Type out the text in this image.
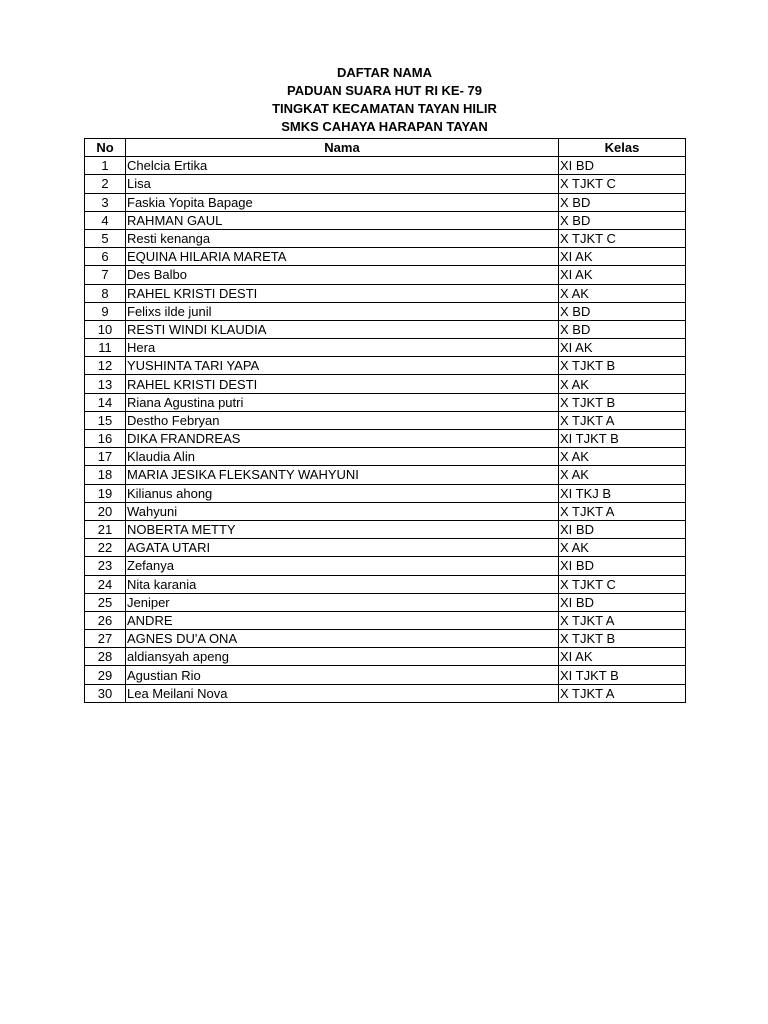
DAFTAR NAMA
PADUAN SUARA HUT RI KE- 79
TINGKAT KECAMATAN TAYAN HILIR
SMKS CAHAYA HARAPAN TAYAN
No	Nama	Kelas
1	Chelcia Ertika	XI BD
2	Lisa	X TJKT C
3	Faskia Yopita Bapage	X BD
4	RAHMAN GAUL	X BD
5	Resti kenanga	X TJKT C
6	EQUINA HILARIA MARETA	XI AK
7	Des Balbo	XI AK
8	RAHEL KRISTI DESTI	X AK
9	Felixs ilde junil	X BD
10	RESTI WINDI KLAUDIA	X BD
11	Hera	XI AK
12	YUSHINTA TARI YAPA	X TJKT B
13	RAHEL KRISTI DESTI	X AK
14	Riana Agustina putri	X TJKT B
15	Destho Febryan	X TJKT A
16	DIKA FRANDREAS	XI TJKT B
17	Klaudia Alin	X AK
18	MARIA JESIKA FLEKSANTY WAHYUNI	X AK
19	Kilianus ahong	XI TKJ B
20	Wahyuni	X TJKT A
21	NOBERTA METTY	XI BD
22	AGATA UTARI	X AK
23	Zefanya	XI BD
24	Nita karania	X TJKT C
25	Jeniper	XI BD
26	ANDRE	X TJKT A
27	AGNES DU'A ONA	X TJKT B
28	aldiansyah apeng	XI AK
29	Agustian Rio	XI TJKT B
30	Lea Meilani Nova	X TJKT A
